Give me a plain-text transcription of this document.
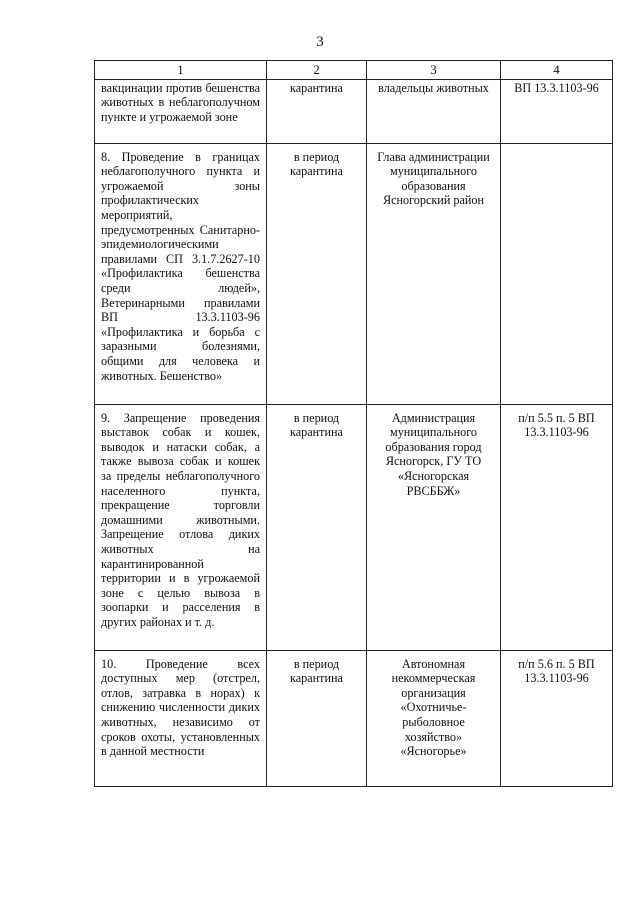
3
1	2	3	4
вакцинации против бешенства животных в неблагополучном пункте и угрожаемой зоне	карантина	владельцы животных	ВП 13.3.1103-96
8. Проведение в границах неблагополучного пункта и угрожаемой зоны профилактических мероприятий, предусмотренных Санитарно-эпидемиологическими правилами СП 3.1.7.2627-10 «Профилактика бешенства среди людей», Ветеринарными правилами ВП 13.3.1103-96 «Профилактика и борьба с заразными болезнями, общими для человека и животных. Бешенство»	в период карантина	Глава администрации муниципального образования Ясногорский район	
9. Запрещение проведения выставок собак и кошек, выводок и натаски собак, а также вывоза собак и кошек за пределы неблагополучного населенного пункта, прекращение торговли домашними животными. Запрещение отлова диких животных на карантинированной территории и в угрожаемой зоне с целью вывоза в зоопарки и расселения в других районах и т. д.	в период карантина	Администрация муниципального образования город Ясногорск, ГУ ТО «Ясногорская РВСББЖ»	п/п 5.5 п. 5 ВП 13.3.1103-96
10. Проведение всех доступных мер (отстрел, отлов, затравка в норах) к снижению численности диких животных, независимо от сроков охоты, установленных в данной местности	в период карантина	Автономная некоммерческая организация «Охотничье-рыболовное хозяйство» «Ясногорье»	п/п 5.6 п. 5 ВП 13.3.1103-96
